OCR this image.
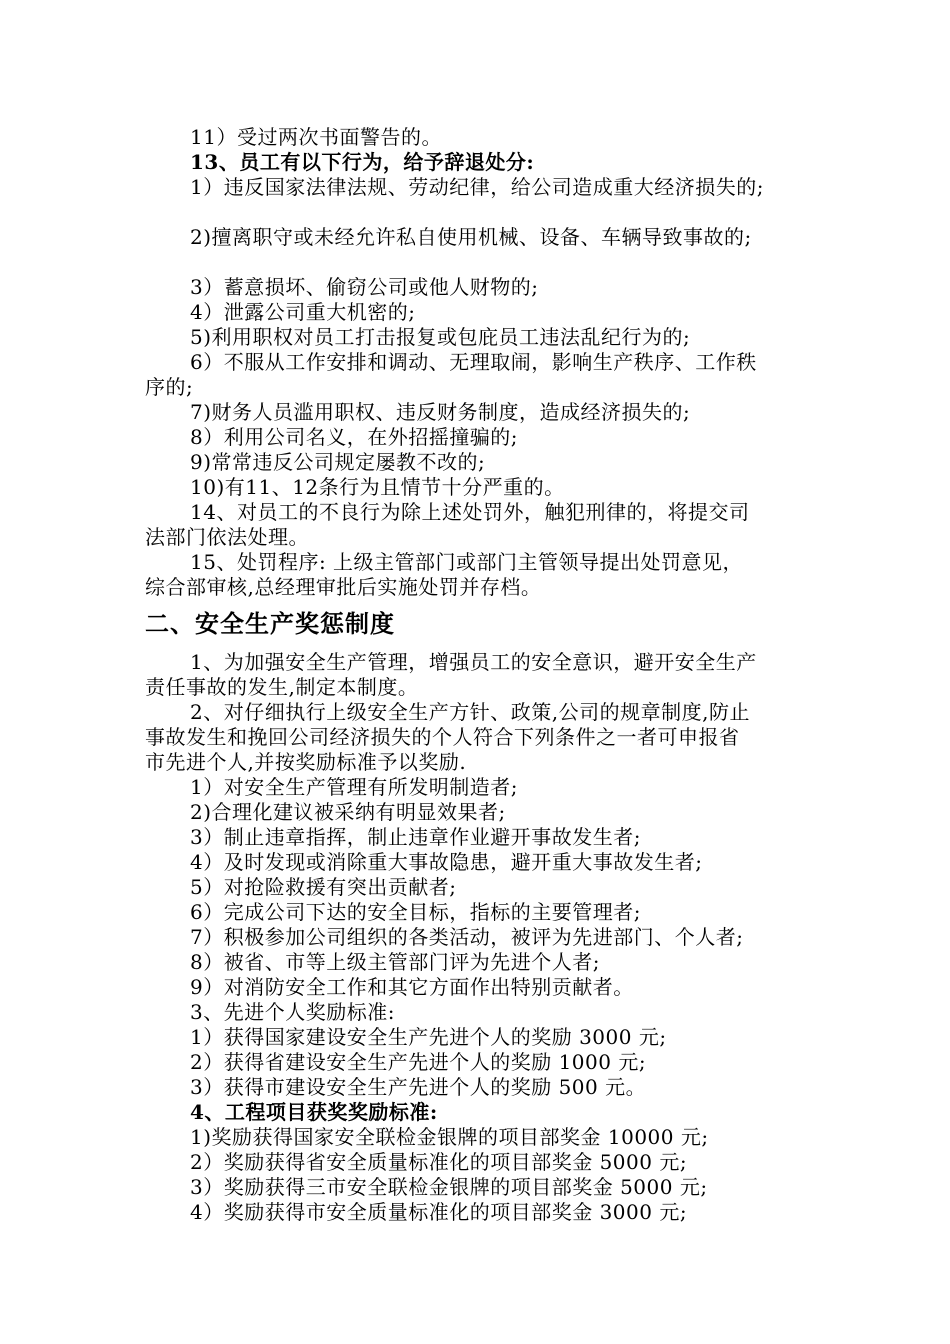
11）受过两次书面警告的。
13、员工有以下行为，给予辞退处分:
1）违反国家法律法规、劳动纪律，给公司造成重大经济损失的;
2)擅离职守或未经允许私自使用机械、设备、车辆导致事故的;
3）蓄意损坏、偷窃公司或他人财物的;
4）泄露公司重大机密的;
5)利用职权对员工打击报复或包庇员工违法乱纪行为的;
6）不服从工作安排和调动、无理取闹，影响生产秩序、工作秩
序的;
7)财务人员滥用职权、违反财务制度，造成经济损失的;
8）利用公司名义，在外招摇撞骗的;
9)常常违反公司规定屡教不改的;
10)有11、12条行为且情节十分严重的。
14、对员工的不良行为除上述处罚外，触犯刑律的，将提交司
法部门依法处理。
15、处罚程序: 上级主管部门或部门主管领导提出处罚意见，
综合部审核,总经理审批后实施处罚并存档。
二、安全生产奖惩制度
1、为加强安全生产管理，增强员工的安全意识，避开安全生产
责任事故的发生,制定本制度。
2、对仔细执行上级安全生产方针、政策,公司的规章制度,防止
事故发生和挽回公司经济损失的个人符合下列条件之一者可申报省
市先进个人,并按奖励标准予以奖励.
1）对安全生产管理有所发明制造者;
2)合理化建议被采纳有明显效果者;
3）制止违章指挥，制止违章作业避开事故发生者;
4）及时发现或消除重大事故隐患，避开重大事故发生者;
5）对抢险救援有突出贡献者;
6）完成公司下达的安全目标，指标的主要管理者;
7）积极参加公司组织的各类活动，被评为先进部门、个人者;
8）被省、市等上级主管部门评为先进个人者;
9）对消防安全工作和其它方面作出特别贡献者。
3、先进个人奖励标准:
1）获得国家建设安全生产先进个人的奖励 3000 元;
2）获得省建设安全生产先进个人的奖励 1000 元;
3）获得市建设安全生产先进个人的奖励 500 元。
4、工程项目获奖奖励标准:
1)奖励获得国家安全联检金银牌的项目部奖金 10000 元;
2）奖励获得省安全质量标准化的项目部奖金 5000 元;
3）奖励获得三市安全联检金银牌的项目部奖金 5000 元;
4）奖励获得市安全质量标准化的项目部奖金 3000 元;
